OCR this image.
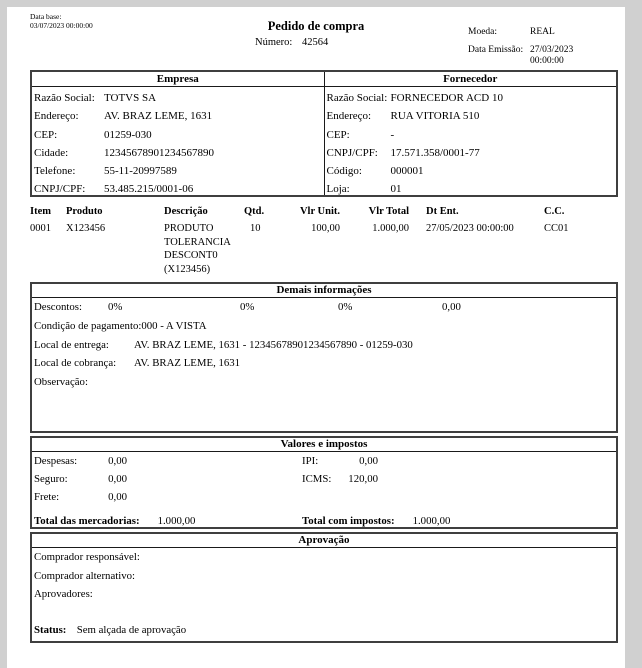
Data base:
03/07/2023 00:00:00	Pedido de compra
Número: 42564
Moeda:	REAL
Data Emissão: 27/03/2023 00:00:00
Empresa	Fornecedor
Razão Social: TOTVS SA
Endereço: AV. BRAZ LEME, 1631
CEP:	01259-030
Cidade:	12345678901234567890
Telefone:	55-11-20997589
CNPJ/CPF: 53.485.215/0001-06
Razão Social: FORNECEDOR ACD 10
Endereço: RUA VITORIA 510
CEP:	-
CNPJ/CPF: 17.571.358/0001-77
Código:	000001
Loja:	01
Item	Produto	Descrição	Qtd.	Vlr Unit.	Vlr Total	Dt Ent.	C.C.
0001	X123456	PRODUTO TOLERANCIA DESCONT0 (X123456)	10	100,00	1.000,00	27/05/2023 00:00:00	CC01
Demais informações
Descontos: 0%	0%	0%	0,00
Condição de pagamento:000 - A VISTA
Local de entrega: AV. BRAZ LEME, 1631 - 12345678901234567890 - 01259-030
Local de cobrança: AV. BRAZ LEME, 1631
Observação:
Valores e impostos
Despesas:	0,00	IPI:	0,00
Seguro:	0,00	ICMS: 120,00
Frete:	0,00
Total das mercadorias: 1.000,00	Total com impostos: 1.000,00
Aprovação
Comprador responsável:
Comprador alternativo:
Aprovadores:
Status: Sem alçada de aprovação
